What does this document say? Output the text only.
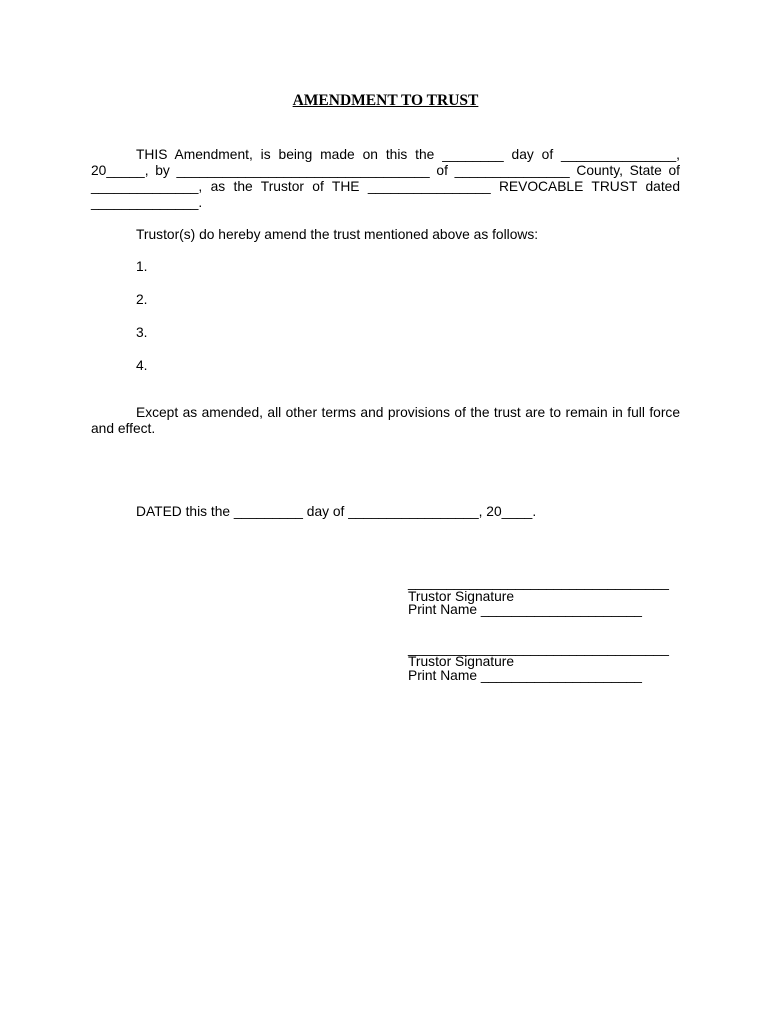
AMENDMENT TO TRUST
THIS Amendment, is being made on this the ________ day of _______________,
20_____, by _________________________________ of _______________ County, State of
______________, as the Trustor of THE ________________ REVOCABLE TRUST dated
______________.

Trustor(s) do hereby amend the trust mentioned above as follows:

1.
2.
3.
4.

Except as amended, all other terms and provisions of the trust are to remain in full force and effect.

DATED this the _________ day of _________________, 20____.

__________________________________
Trustor Signature
Print Name _____________________
__________________________________
Trustor Signature
Print Name _____________________
